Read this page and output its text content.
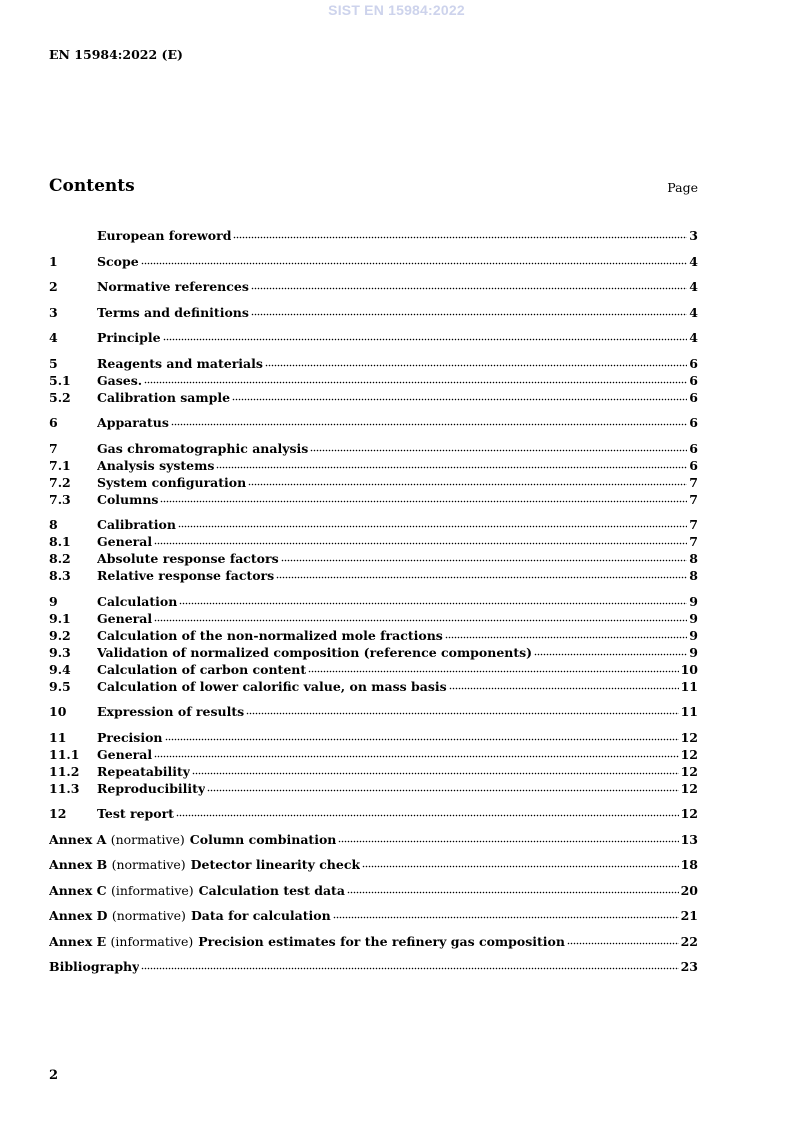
SIST EN 15984:2022
EN 15984:2022 (E)
Contents	Page
European foreword	3
1	Scope	4
2	Normative references	4
3	Terms and definitions	4
4	Principle	4
5	Reagents and materials	6
5.1	Gases.	6
5.2	Calibration sample	6
6	Apparatus	6
7	Gas chromatographic analysis	6
7.1	Analysis systems	6
7.2	System configuration	7
7.3	Columns	7
8	Calibration	7
8.1	General	7
8.2	Absolute response factors	8
8.3	Relative response factors	8
9	Calculation	9
9.1	General	9
9.2	Calculation of the non-normalized mole fractions	9
9.3	Validation of normalized composition (reference components)	9
9.4	Calculation of carbon content	10
9.5	Calculation of lower calorific value, on mass basis	11
10	Expression of results	11
11	Precision	12
11.1	General	12
11.2	Repeatability	12
11.3	Reproducibility	12
12	Test report	12
Annex A (normative) Column combination	13
Annex B (normative) Detector linearity check	18
Annex C (informative) Calculation test data	20
Annex D (normative) Data for calculation	21
Annex E (informative) Precision estimates for the refinery gas composition	22
Bibliography	23
2
